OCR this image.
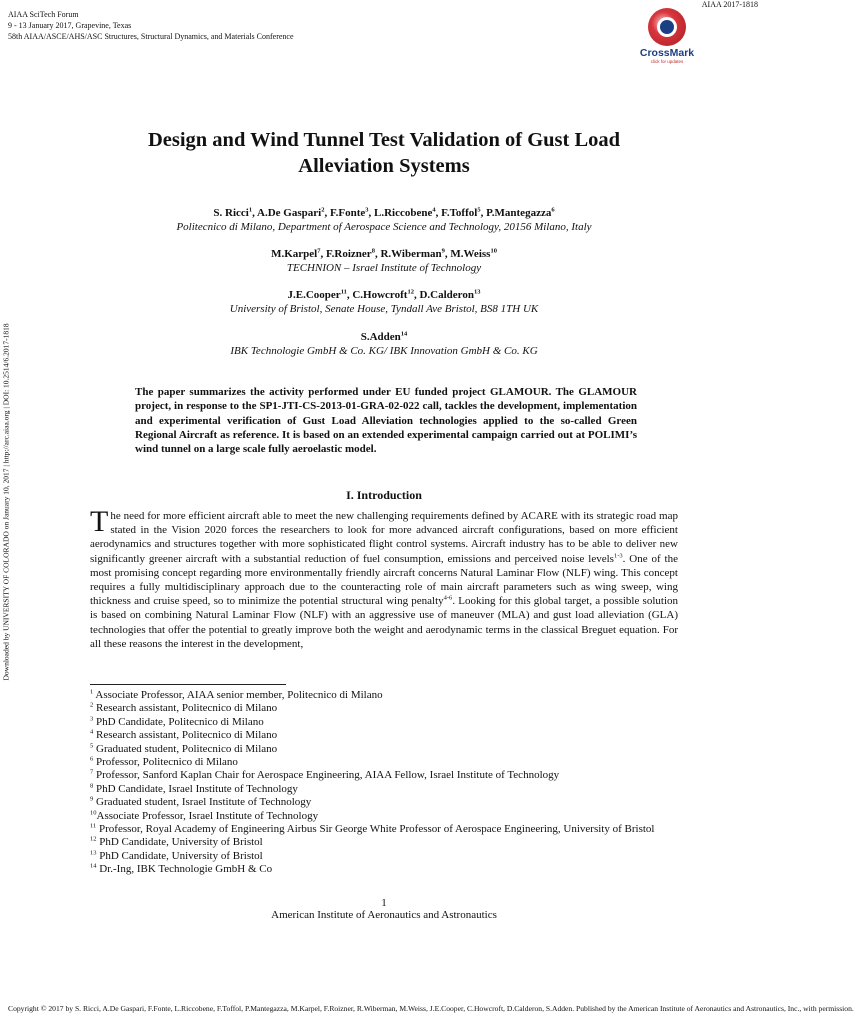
AIAA SciTech Forum
9 - 13 January 2017, Grapevine, Texas
58th AIAA/ASCE/AHS/ASC Structures, Structural Dynamics, and Materials Conference
AIAA 2017-1818
CrossMark
click for updates
Downloaded by UNIVERSITY OF COLORADO on January 10, 2017 | http://arc.aiaa.org | DOI: 10.2514/6.2017-1818
Design and Wind Tunnel Test Validation of Gust Load
Alleviation Systems
S. Ricci$^1$, A.De Gaspari$^2$, F.Fonte$^3$, L.Riccobene$^4$, F.Toffol$^5$, P.Mantegazza$^6$
Politecnico di Milano, Department of Aerospace Science and Technology, 20156 Milano, Italy
M.Karpel$^7$, F.Roizner$^8$, R.Wiberman$^9$, M.Weiss$^{10}$
TECHNION – Israel Institute of Technology
J.E.Cooper$^{11}$, C.Howcroft$^{12}$, D.Calderon$^{13}$
University of Bristol, Senate House, Tyndall Ave Bristol, BS8 1TH UK
S.Adden$^{14}$
IBK Technologie GmbH & Co. KG/ IBK Innovation GmbH & Co. KG
The paper summarizes the activity performed under EU funded project GLAMOUR. The GLAMOUR project, in response to the SP1-JTI-CS-2013-01-GRA-02-022 call, tackles the development, implementation and experimental verification of Gust Load Alleviation technologies applied to the so-called Green Regional Aircraft as reference. It is based on an extended experimental campaign carried out at POLIMI’s wind tunnel on a large scale fully aeroelastic model.
I. Introduction
The need for more efficient aircraft able to meet the new challenging requirements defined by ACARE with its strategic road map stated in the Vision 2020 forces the researchers to look for more advanced aircraft configurations, based on more efficient aerodynamics and structures together with more sophisticated flight control systems. Aircraft industry has to be able to deliver new significantly greener aircraft with a substantial reduction of fuel consumption, emissions and perceived noise levels$^{1-3}$. One of the most promising concept regarding more environmentally friendly aircraft concerns Natural Laminar Flow (NLF) wing. This concept requires a fully multidisciplinary approach due to the counteracting role of main aircraft parameters such as wing sweep, wing thickness and cruise speed, so to minimize the potential structural wing penalty$^{4-6}$. Looking for this global target, a possible solution is based on combining Natural Laminar Flow (NLF) with an aggressive use of maneuver (MLA) and gust load alleviation (GLA) technologies that offer the potential to greatly improve both the weight and aerodynamic terms in the classical Breguet equation. For all these reasons the interest in the development,
$^1$ Associate Professor, AIAA senior member, Politecnico di Milano
$^2$ Research assistant, Politecnico di Milano
$^3$ PhD Candidate, Politecnico di Milano
$^4$ Research assistant, Politecnico di Milano
$^5$ Graduated student, Politecnico di Milano
$^6$ Professor, Politecnico di Milano
$^7$ Professor, Sanford Kaplan Chair for Aerospace Engineering, AIAA Fellow, Israel Institute of Technology
$^8$ PhD Candidate, Israel Institute of Technology
$^9$ Graduated student, Israel Institute of Technology
$^{10}$Associate Professor, Israel Institute of Technology
$^{11}$ Professor, Royal Academy of Engineering Airbus Sir George White Professor of Aerospace Engineering, University of Bristol
$^{12}$ PhD Candidate, University of Bristol
$^{13}$ PhD Candidate, University of Bristol
$^{14}$ Dr.-Ing, IBK Technologie GmbH & Co
1
American Institute of Aeronautics and Astronautics
Copyright © 2017 by S. Ricci, A.De Gaspari, F.Fonte, L.Riccobene, F.Toffol, P.Mantegazza, M.Karpel, F.Roizner, R.Wiberman, M.Weiss, J.E.Cooper, C.Howcroft, D.Calderon, S.Adden. Published by the American Institute of Aeronautics and Astronautics, Inc., with permission.
